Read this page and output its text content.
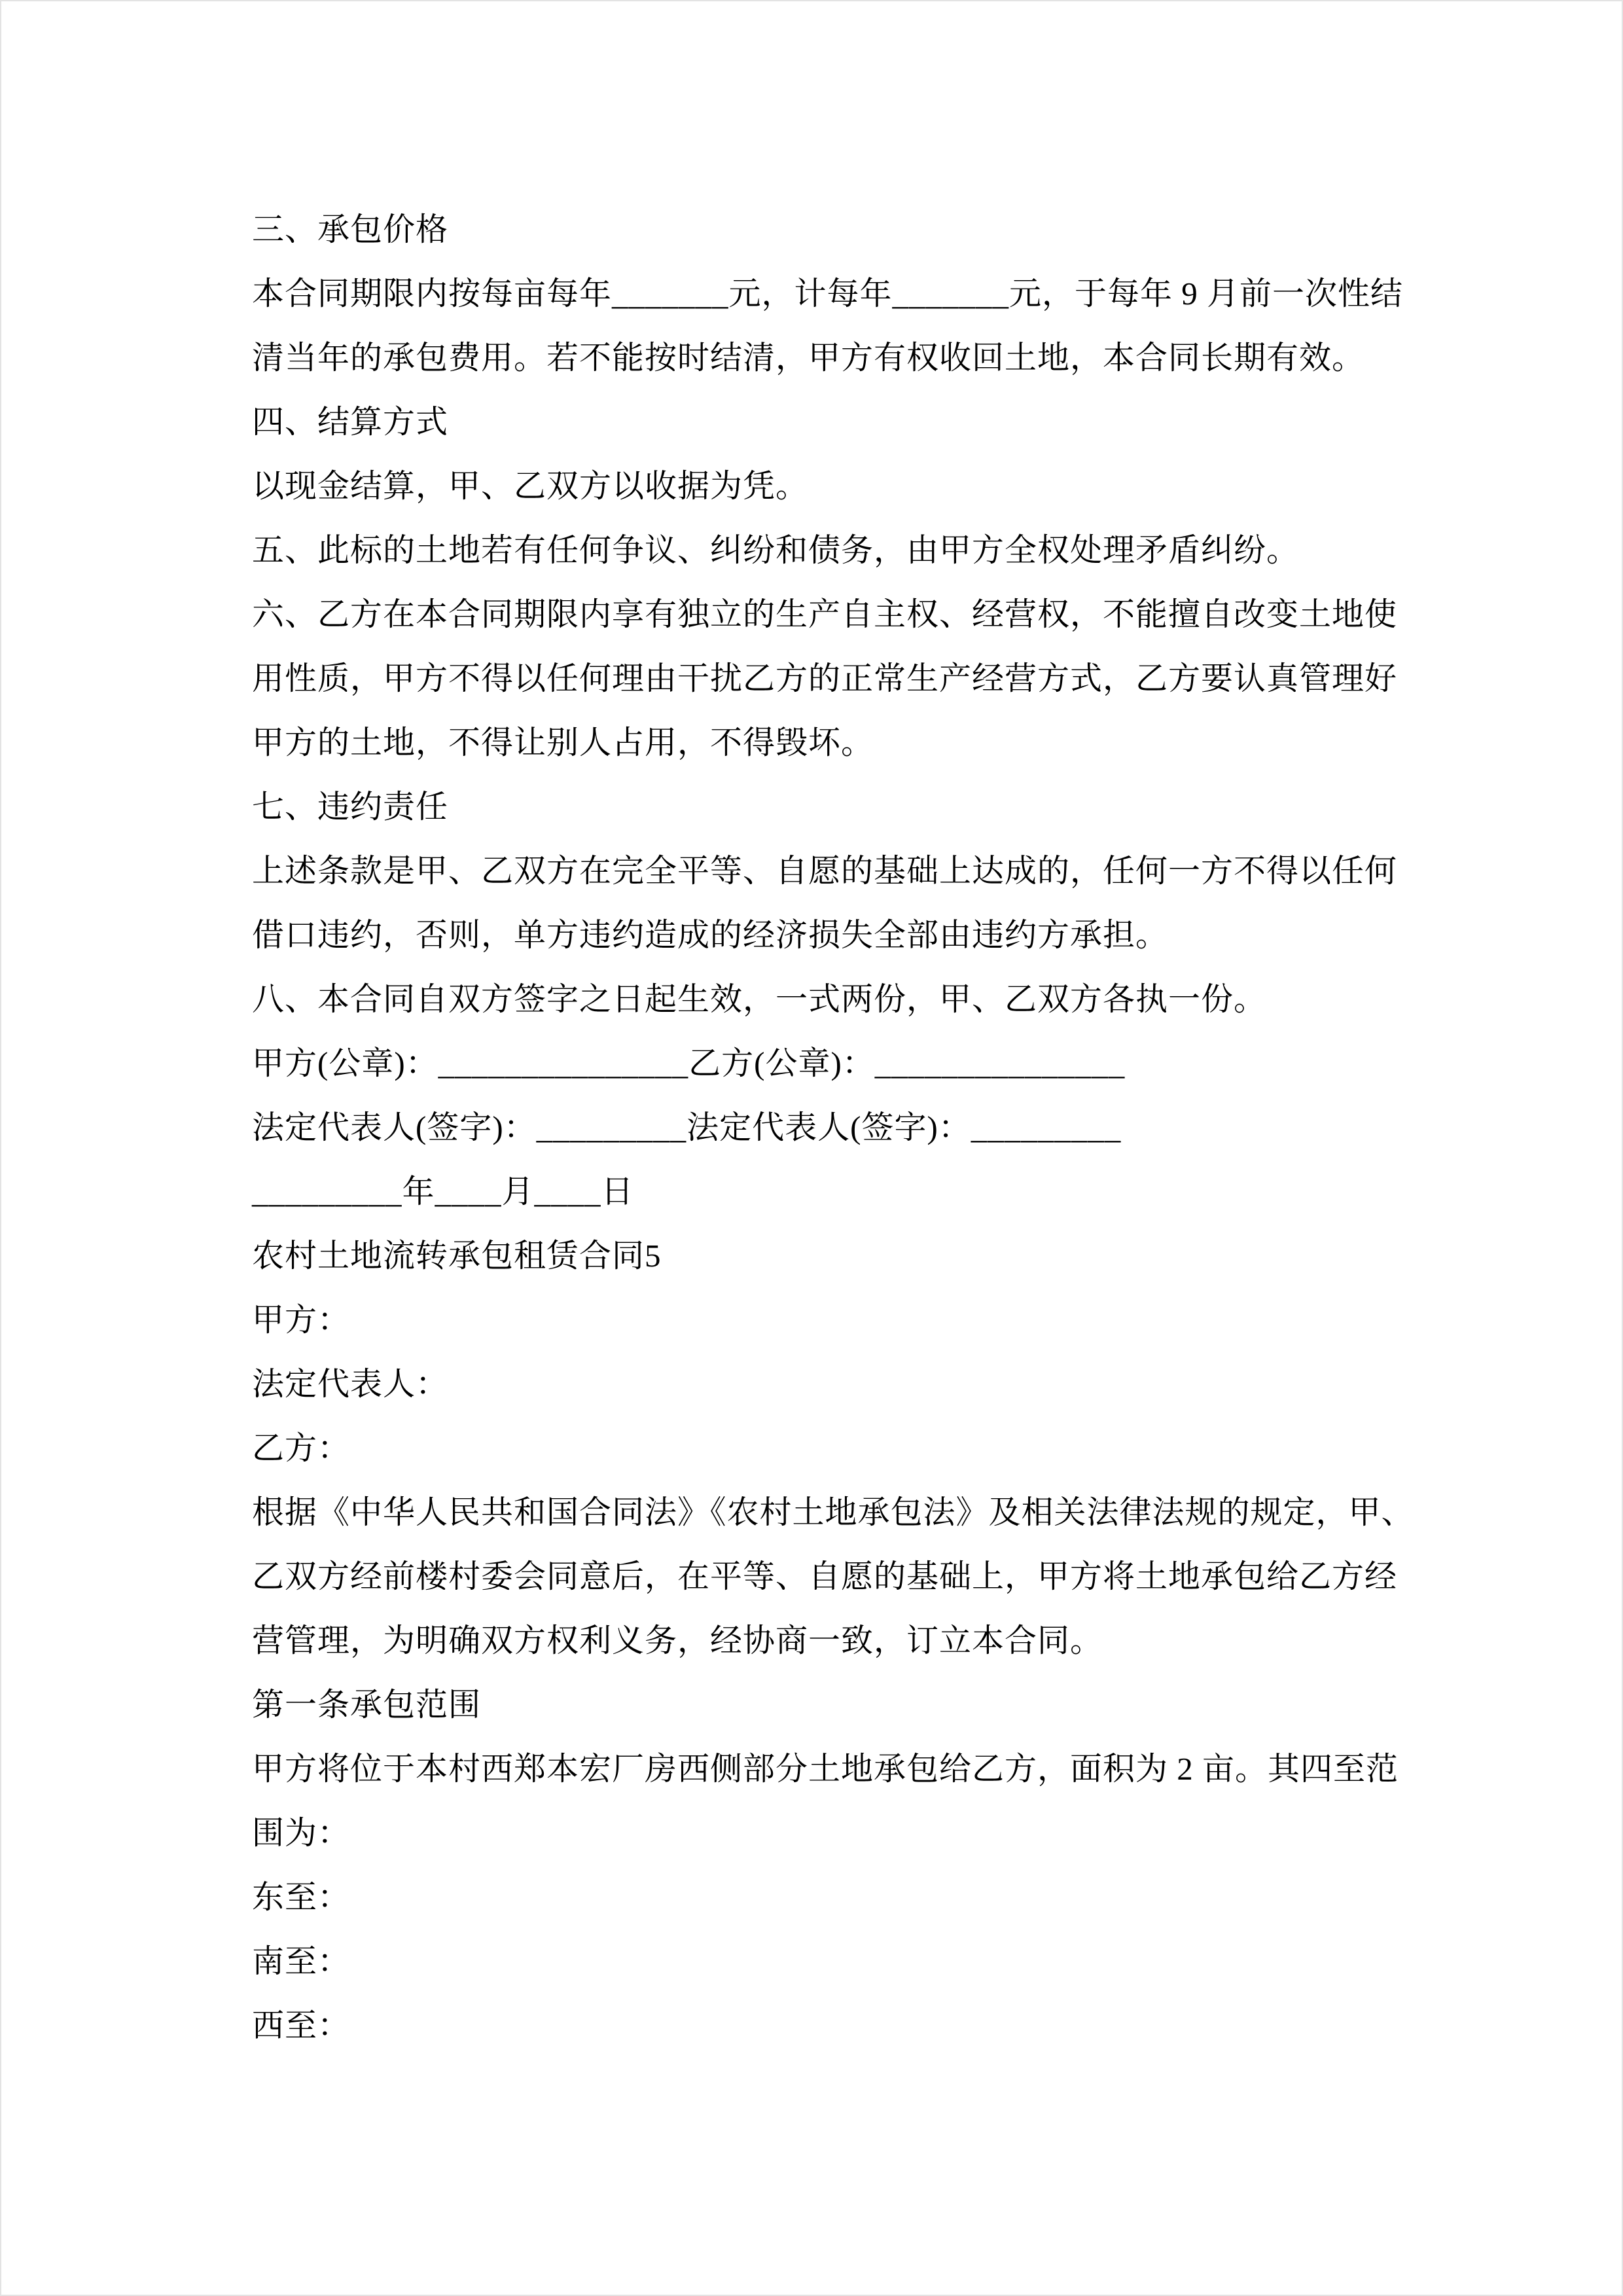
三、承包价格
本合同期限内按每亩每年_______元，计每年_______元，于每年 9 月前一次性结
清当年的承包费用。若不能按时结清，甲方有权收回土地，本合同长期有效。
四、结算方式
以现金结算，甲、乙双方以收据为凭。
五、此标的土地若有任何争议、纠纷和债务，由甲方全权处理矛盾纠纷。
六、乙方在本合同期限内享有独立的生产自主权、经营权，不能擅自改变土地使
用性质，甲方不得以任何理由干扰乙方的正常生产经营方式，乙方要认真管理好
甲方的土地，不得让别人占用，不得毁坏。
七、违约责任
上述条款是甲、乙双方在完全平等、自愿的基础上达成的，任何一方不得以任何
借口违约，否则，单方违约造成的经济损失全部由违约方承担。
八、本合同自双方签字之日起生效，一式两份，甲、乙双方各执一份。
甲方(公章)：_______________乙方(公章)：_______________
法定代表人(签字)：_________法定代表人(签字)：_________
_________年____月____日
农村土地流转承包租赁合同5
甲方：
法定代表人：
乙方：
根据《中华人民共和国合同法》《农村土地承包法》及相关法律法规的规定，甲、
乙双方经前楼村委会同意后，在平等、自愿的基础上，甲方将土地承包给乙方经
营管理，为明确双方权利义务，经协商一致，订立本合同。
第一条承包范围
甲方将位于本村西郑本宏厂房西侧部分土地承包给乙方，面积为 2 亩。其四至范
围为：
东至：
南至：
西至：
